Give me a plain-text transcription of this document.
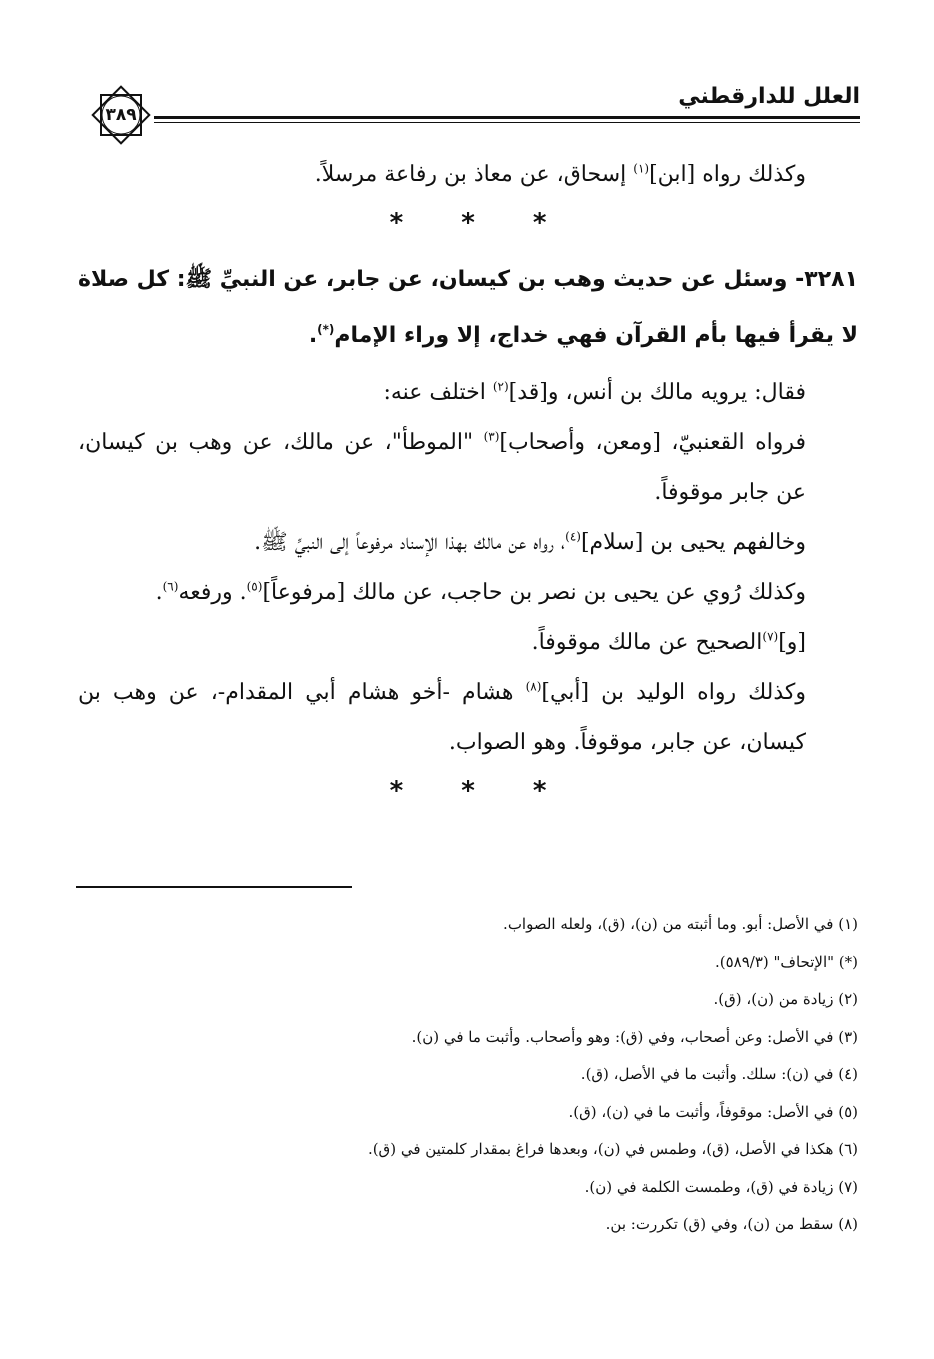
العلل للدارقطني
٣٨٩

وكذلك رواه [ابن]$^{(١)}$ إسحاق، عن معاذ بن رفاعة مرسلاً.

*
*
*

٣٢٨١- وسئل عن حديث وهب بن كيسان، عن جابر، عن النبيِّ ﷺ: كل صلاة لا يقرأ فيها بأم القرآن فهي خداج، إلا وراء الإمام(*).

فقال: يرويه مالك بن أنس، و[قد]$^{(٢)}$ اختلف عنه:

فرواه القعنبيّ، [ومعن، وأصحاب]$^{(٣)}$ "الموطأ"، عن مالك، عن وهب بن كيسان، عن جابر موقوفاً.

وخالفهم يحيى بن [سلام]$^{(٤)}$، رواه عن مالك بهذا الإسناد مرفوعاً إلى النبيِّ ﷺ.

وكذلك رُوي عن يحيى بن نصر بن حاجب، عن مالك [مرفوعاً]$^{(٥)}$. ورفعه$^{(٦)}$.

[و]$^{(٧)}$الصحيح عن مالك موقوفاً.

وكذلك رواه الوليد بن [أبي]$^{(٨)}$ هشام -أخو هشام أبي المقدام-، عن وهب بن كيسان، عن جابر، موقوفاً. وهو الصواب.

*
*
*

(١) في الأصل: أبو. وما أثبته من (ن)، (ق)، ولعله الصواب.

(*) "الإتحاف" (٥٨٩/٣).

(٢) زيادة من (ن)، (ق).

(٣) في الأصل: وعن أصحاب، وفي (ق): وهو وأصحاب. وأثبت ما في (ن).

(٤) في (ن): سلك. وأثبت ما في الأصل، (ق).

(٥) في الأصل: موقوفاً، وأثبت ما في (ن)، (ق).

(٦) هكذا في الأصل، (ق)، وطمس في (ن)، وبعدها فراغ بمقدار كلمتين في (ق).

(٧) زيادة في (ق)، وطمست الكلمة في (ن).

(٨) سقط من (ن)، وفي (ق) تكررت: بن.
